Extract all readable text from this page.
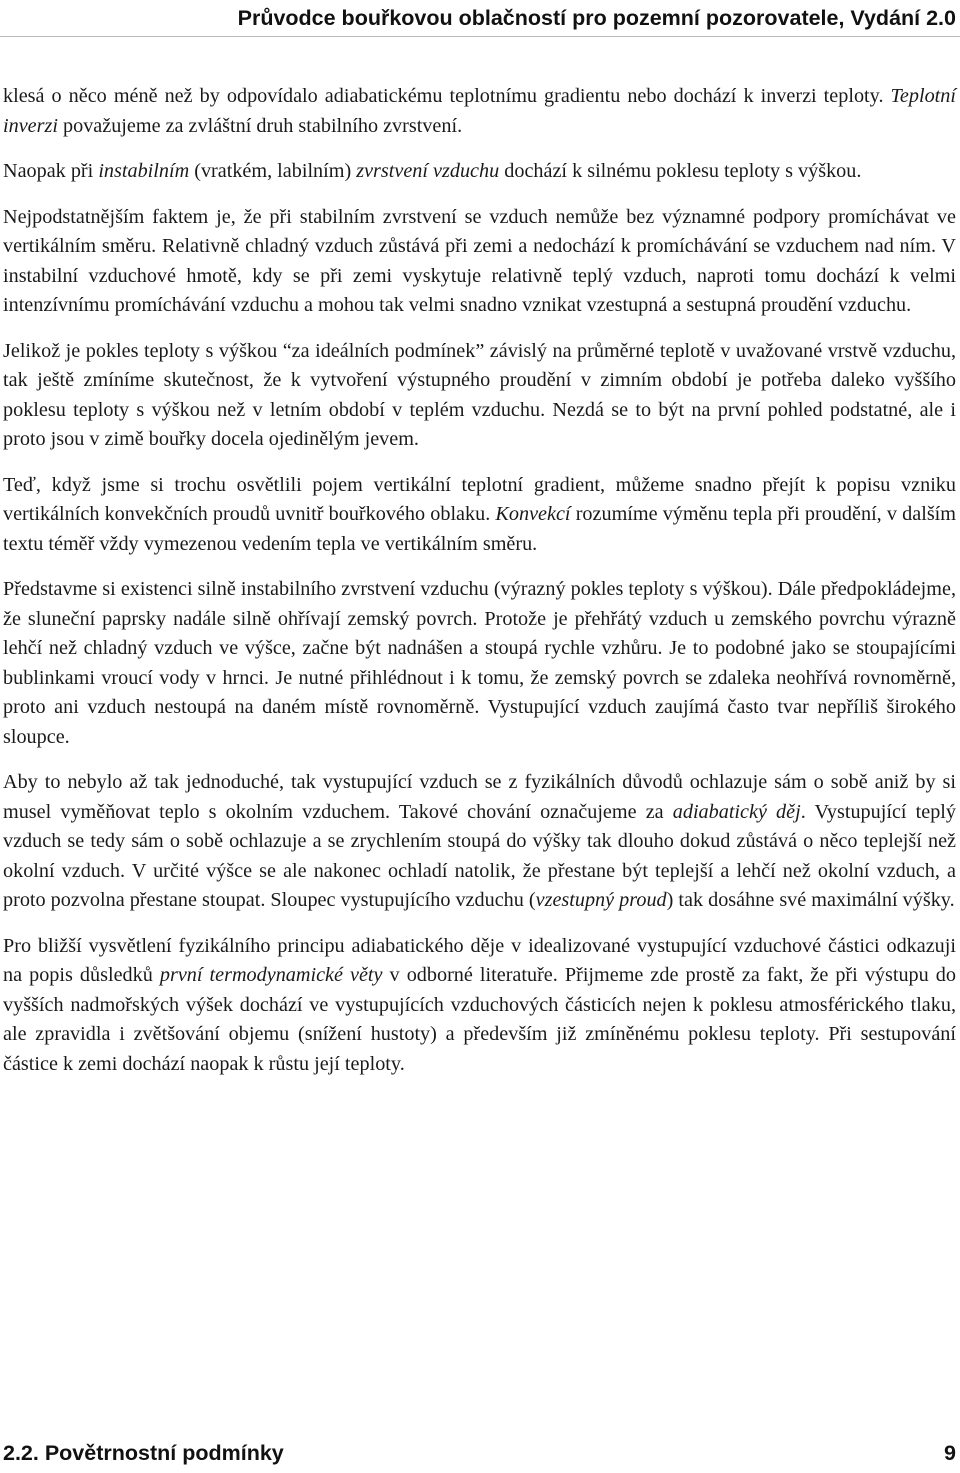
Průvodce bouřkovou oblačností pro pozemní pozorovatele, Vydání 2.0

klesá o něco méně než by odpovídalo adiabatickému teplotnímu gradientu nebo dochází k inverzi teploty. Teplotní inverzi považujeme za zvláštní druh stabilního zvrstvení.

Naopak při instabilním (vratkém, labilním) zvrstvení vzduchu dochází k silnému poklesu teploty s výškou.

Nejpodstatnějším faktem je, že při stabilním zvrstvení se vzduch nemůže bez významné podpory promíchávat ve vertikálním směru. Relativně chladný vzduch zůstává při zemi a nedochází k promíchávání se vzduchem nad ním. V instabilní vzduchové hmotě, kdy se při zemi vyskytuje relativně teplý vzduch, naproti tomu dochází k velmi intenzívnímu promíchávání vzduchu a mohou tak velmi snadno vznikat vzestupná a sestupná proudění vzduchu.

Jelikož je pokles teploty s výškou “za ideálních podmínek” závislý na průměrné teplotě v uvažované vrstvě vzduchu, tak ještě zmíníme skutečnost, že k vytvoření výstupného proudění v zimním období je potřeba daleko vyššího poklesu teploty s výškou než v letním období v teplém vzduchu. Nezdá se to být na první pohled podstatné, ale i proto jsou v zimě bouřky docela ojedinělým jevem.

Teď, když jsme si trochu osvětlili pojem vertikální teplotní gradient, můžeme snadno přejít k popisu vzniku vertikálních konvekčních proudů uvnitř bouřkového oblaku. Konvekcí rozumíme výměnu tepla při proudění, v dalším textu téměř vždy vymezenou vedením tepla ve vertikálním směru.

Představme si existenci silně instabilního zvrstvení vzduchu (výrazný pokles teploty s výškou). Dále předpokládejme, že sluneční paprsky nadále silně ohřívají zemský povrch. Protože je přehřátý vzduch u zemského povrchu výrazně lehčí než chladný vzduch ve výšce, začne být nadnášen a stoupá rychle vzhůru. Je to podobné jako se stoupajícími bublinkami vroucí vody v hrnci. Je nutné přihlédnout i k tomu, že zemský povrch se zdaleka neohřívá rovnoměrně, proto ani vzduch nestoupá na daném místě rovnoměrně. Vystupující vzduch zaujímá často tvar nepříliš širokého sloupce.

Aby to nebylo až tak jednoduché, tak vystupující vzduch se z fyzikálních důvodů ochlazuje sám o sobě aniž by si musel vyměňovat teplo s okolním vzduchem. Takové chování označujeme za adiabatický děj. Vystupující teplý vzduch se tedy sám o sobě ochlazuje a se zrychlením stoupá do výšky tak dlouho dokud zůstává o něco teplejší než okolní vzduch. V určité výšce se ale nakonec ochladí natolik, že přestane být teplejší a lehčí než okolní vzduch, a proto pozvolna přestane stoupat. Sloupec vystupujícího vzduchu (vzestupný proud) tak dosáhne své maximální výšky.

Pro bližší vysvětlení fyzikálního principu adiabatického děje v idealizované vystupující vzduchové částici odkazuji na popis důsledků první termodynamické věty v odborné literatuře. Přijmeme zde prostě za fakt, že při výstupu do vyšších nadmořských výšek dochází ve vystupujících vzduchových částicích nejen k poklesu atmosférického tlaku, ale zpravidla i zvětšování objemu (snížení hustoty) a především již zmíněnému poklesu teploty. Při sestupování částice k zemi dochází naopak k růstu její teploty.

2.2. Povětrnostní podmínky	9
